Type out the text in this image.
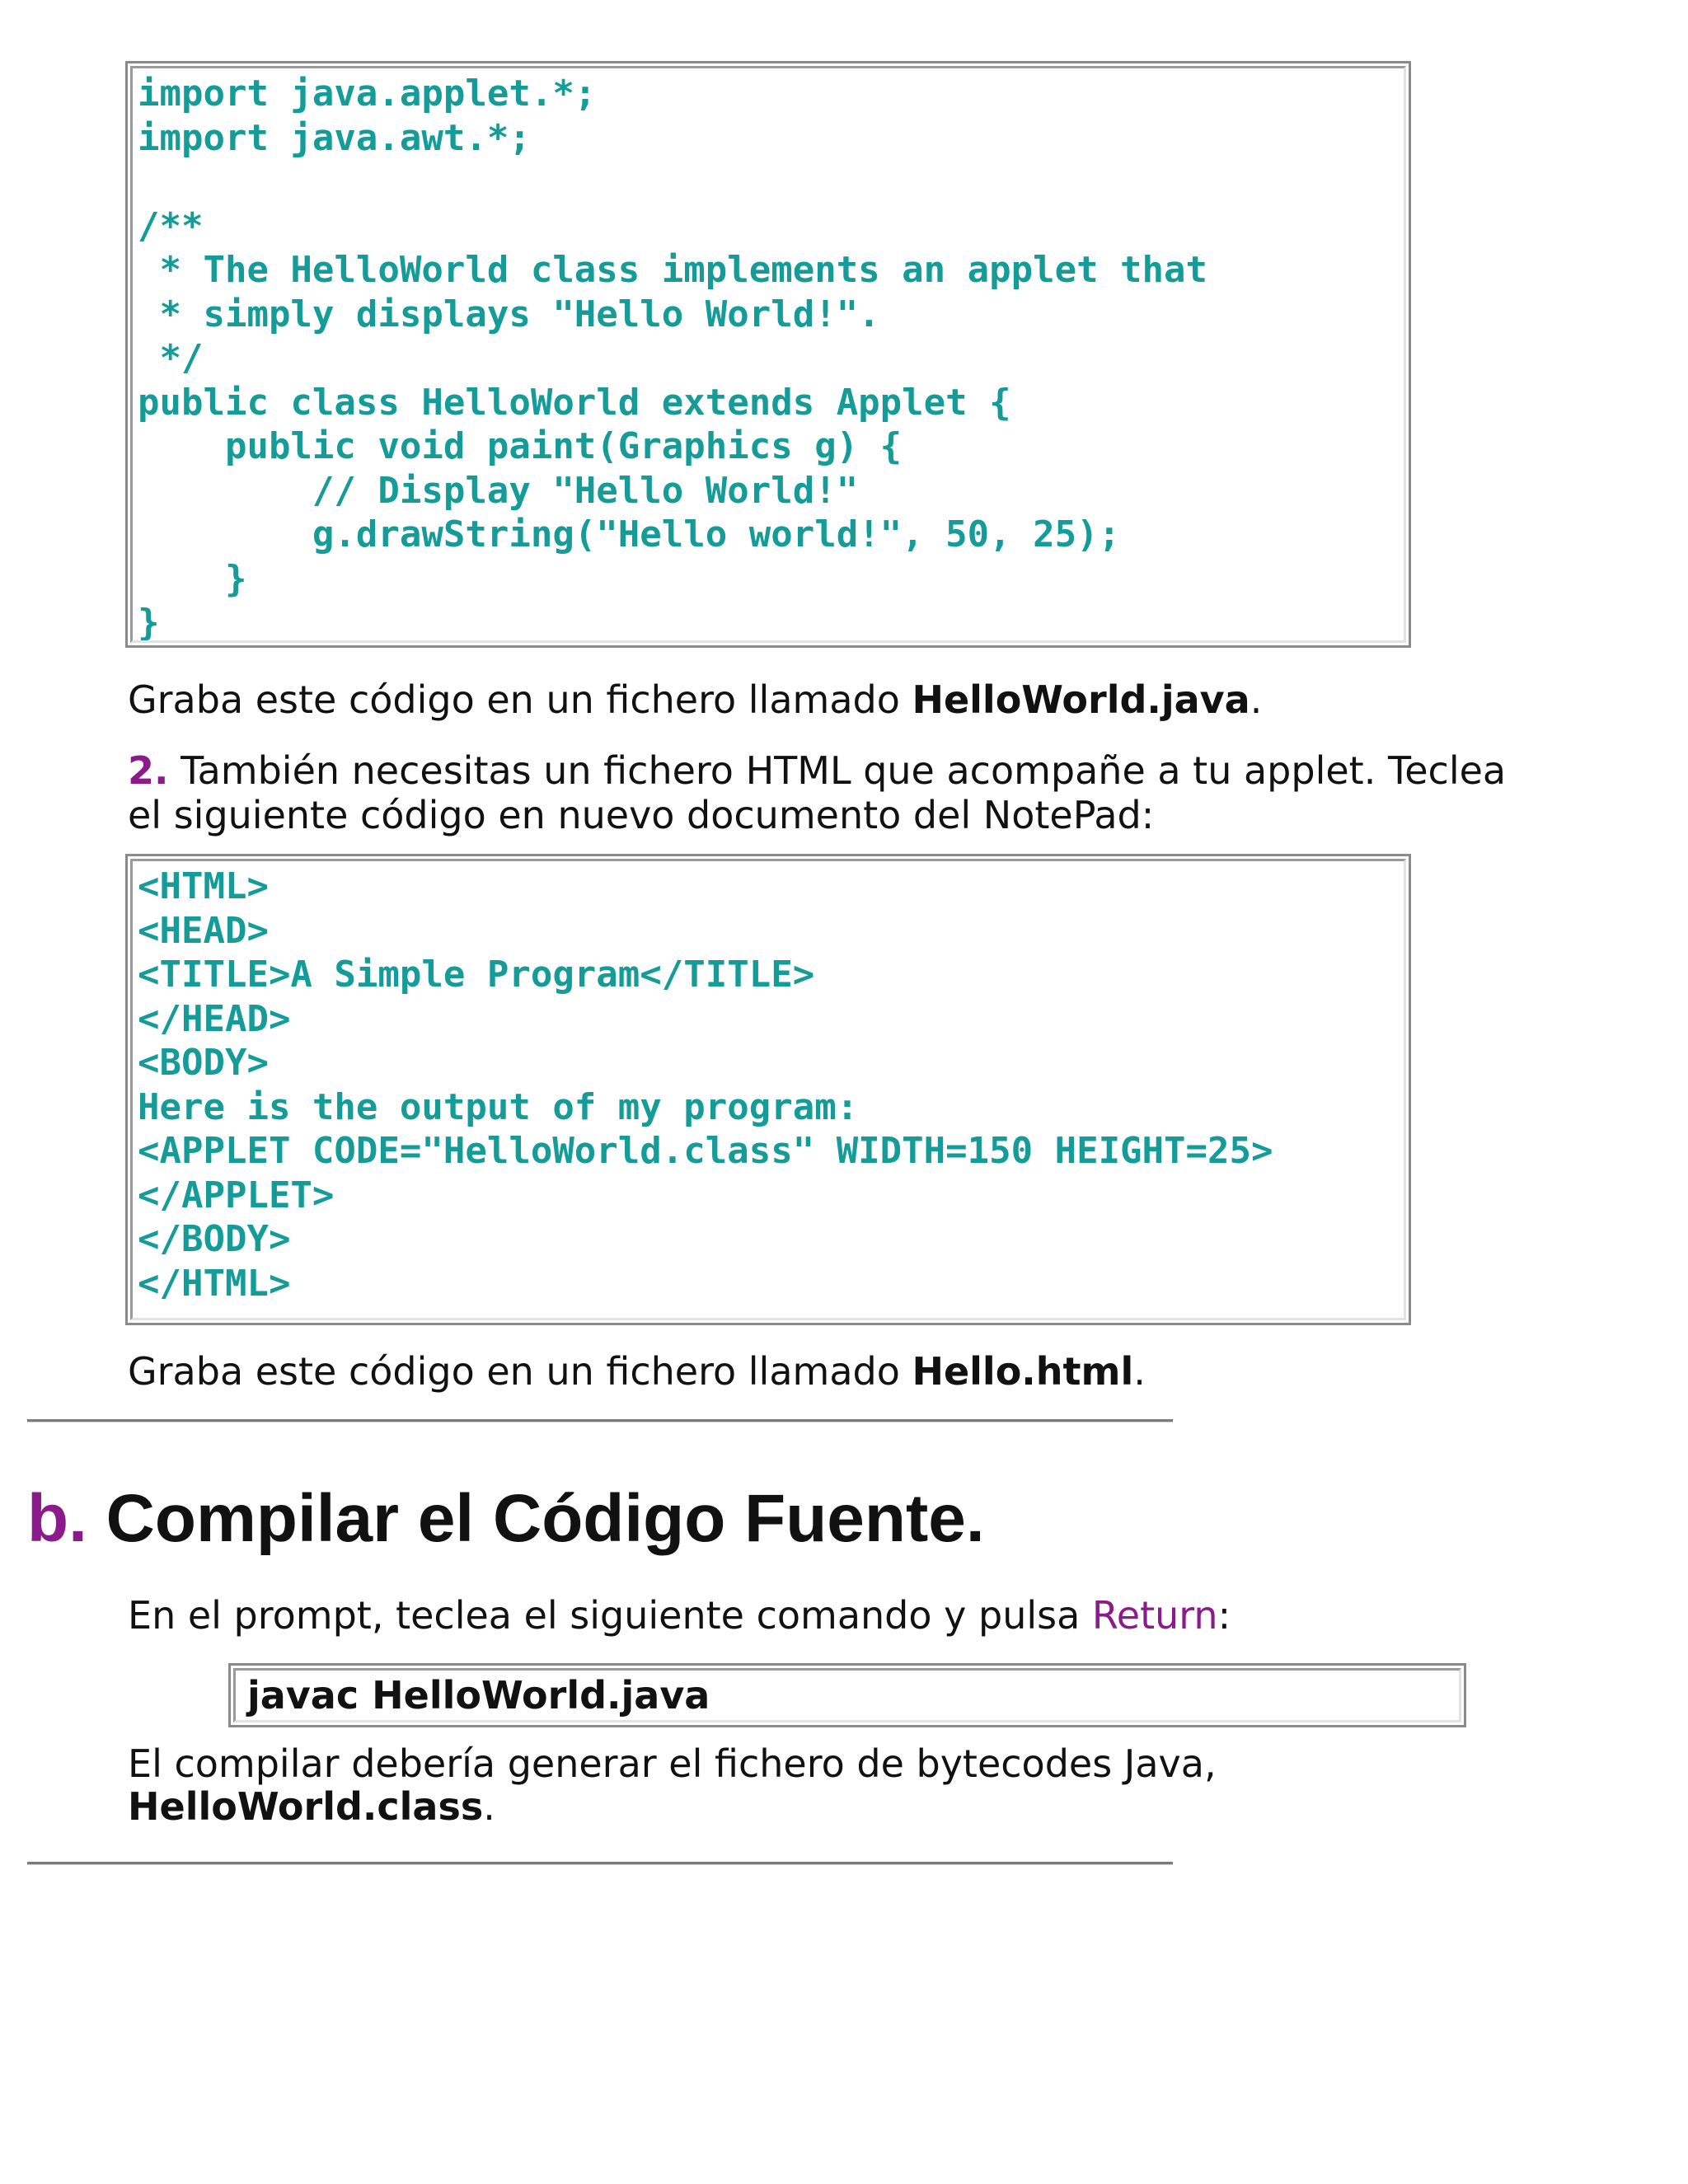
import java.applet.*;
import java.awt.*;
/**
* The HelloWorld class implements an applet that
* simply displays "Hello World!".
*/
public class HelloWorld extends Applet {
public void paint(Graphics g) {
// Display "Hello World!"
g.drawString("Hello world!", 50, 25);
}
}
Graba este código en un fichero llamado HelloWorld.java.
2. También necesitas un fichero HTML que acompañe a tu applet. Teclea
el siguiente código en nuevo documento del NotePad:
<HTML>
<HEAD>
<TITLE>A Simple Program</TITLE>
</HEAD>
<BODY>
Here is the output of my program:
<APPLET CODE="HelloWorld.class" WIDTH=150 HEIGHT=25>
</APPLET>
</BODY>
</HTML>
Graba este código en un fichero llamado Hello.html.
b. Compilar el Código Fuente.
En el prompt, teclea el siguiente comando y pulsa Return:
javac HelloWorld.java
El compilar debería generar el fichero de bytecodes Java,
HelloWorld.class.
